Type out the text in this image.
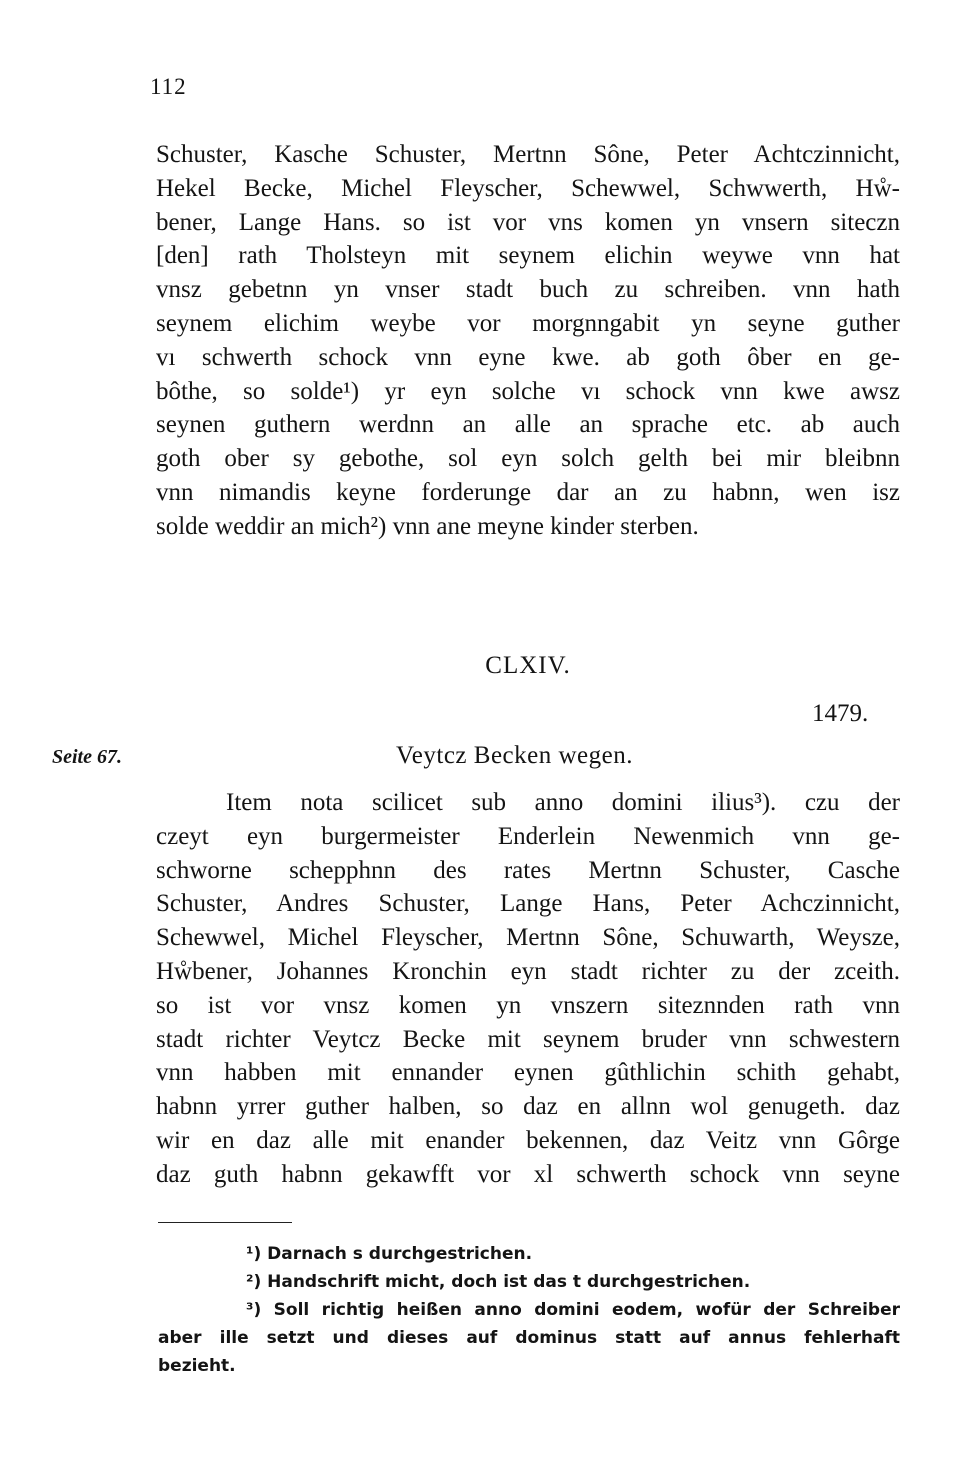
112
Schuster, Kasche Schuster, Mertnn Sône, Peter Achtczinnicht,
Hekel Becke, Michel Fleyscher, Schewwel, Schwwerth, Hẘ-
bener, Lange Hans. so ist vor vns komen yn vnsern siteczn
[den] rath Tholsteyn mit seynem elichin weywe vnn hat
vnsz gebetnn yn vnser stadt buch zu schreiben. vnn hath
seynem elichim weybe vor morgnngabit yn seyne guther
vı schwerth schock vnn eyne kwe. ab goth ôber en ge-
bôthe, so solde¹) yr eyn solche vı schock vnn kwe awsz
seynen guthern werdnn an alle an sprache etc. ab auch
goth ober sy gebothe, sol eyn solch gelth bei mir bleibnn
vnn nimandis keyne forderunge dar an zu habnn, wen isz
solde weddir an mich²) vnn ane meyne kinder sterben.
CLXIV.
1479.
Seite 67.	Veytcz Becken wegen.
Item nota scilicet sub anno domini ilius³). czu der
czeyt eyn burgermeister Enderlein Newenmich vnn ge-
schworne schepphnn des rates Mertnn Schuster, Casche
Schuster, Andres Schuster, Lange Hans, Peter Achczinnicht,
Schewwel, Michel Fleyscher, Mertnn Sône, Schuwarth, Weysze,
Hẘbener, Johannes Kronchin eyn stadt richter zu der zceith.
so ist vor vnsz komen yn vnszern siteznnden rath vnn
stadt richter Veytcz Becke mit seynem bruder vnn schwestern
vnn habben mit ennander eynen gûthlichin schith gehabt,
habnn yrrer guther halben, so daz en allnn wol genugeth. daz
wir en daz alle mit enander bekennen, daz Veitz vnn Gôrge
daz guth habnn gekawfft vor xl schwerth schock vnn seyne
¹) Darnach s durchgestrichen.
²) Handschrift micht, doch ist das t durchgestrichen.
³) Soll richtig heißen anno domini eodem, wofür der Schreiber
aber ille setzt und dieses auf dominus statt auf annus fehlerhaft
bezieht.
